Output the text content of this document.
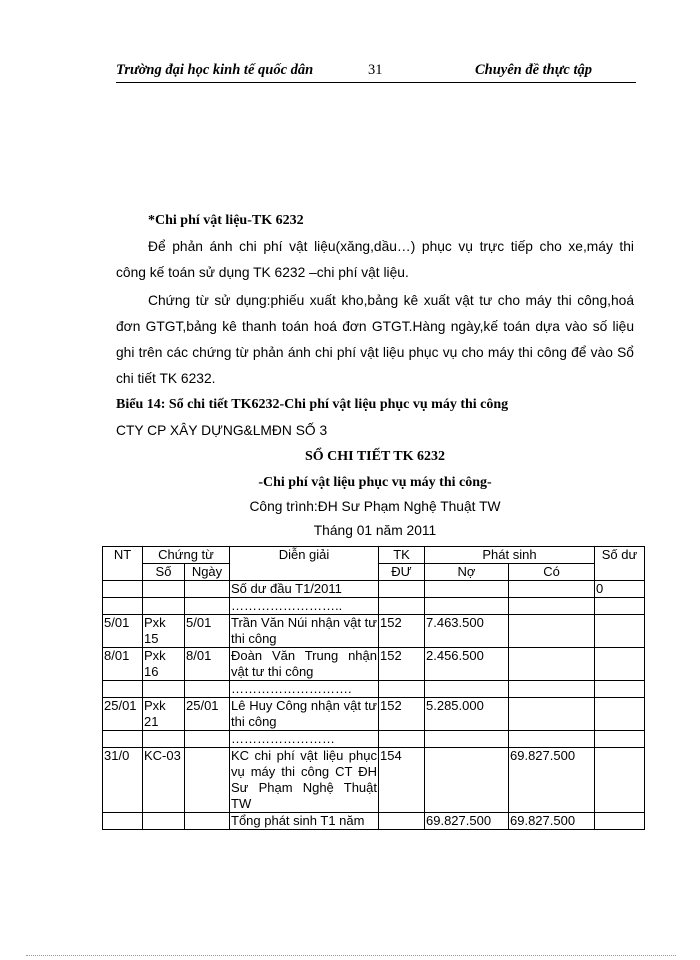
Trường đại học kinh tế quốc dân	31	Chuyên đề thực tập
*Chi phí vật liệu-TK 6232
Để phản ánh chi phí vật liệu(xăng,dầu…) phục vụ trực tiếp cho xe,máy thi
công kế toán sử dụng TK 6232 –chi phí vật liệu.
Chứng từ sử dụng:phiếu xuất kho,bảng kê xuất vật tư cho máy thi công,hoá
đơn GTGT,bảng kê thanh toán hoá đơn GTGT.Hàng ngày,kế toán dựa vào số liệu
ghi trên các chứng từ phản ánh chi phí vật liệu phục vụ cho máy thi công để vào Sổ
chi tiết TK 6232.
Biểu 14: Sổ chi tiết TK6232-Chi phí vật liệu phục vụ máy thi công
CTY CP XÂY DỰNG&LMĐN SỐ 3
SỔ CHI TIẾT TK 6232
-Chi phí vật liệu phục vụ máy thi công-
Công trình:ĐH Sư Phạm Nghệ Thuật TW
Tháng 01 năm 2011
NT	Chứng từ		Diễn giải	TK	Phát sinh		Số dư
	Số	Ngày		ĐƯ	Nợ	Có	
			Số dư đầu T1/2011				0
			……………………..				
5/01	Pxk 15	5/01	Trần Văn Núi nhận vật tư thi công	152	7.463.500		
8/01	Pxk 16	8/01	Đoàn Văn Trung nhận vật tư thi công	152	2.456.500		
			……………………….				
25/01	Pxk 21	25/01	Lê Huy Công nhận vật tư thi công	152	5.285.000		
			……………………				
31/0	KC-03		KC chi phí vật liệu phục vụ máy thi công CT ĐH Sư Phạm Nghệ Thuật TW	154		69.827.500	
			Tổng phát sinh T1 năm		69.827.500	69.827.500	
